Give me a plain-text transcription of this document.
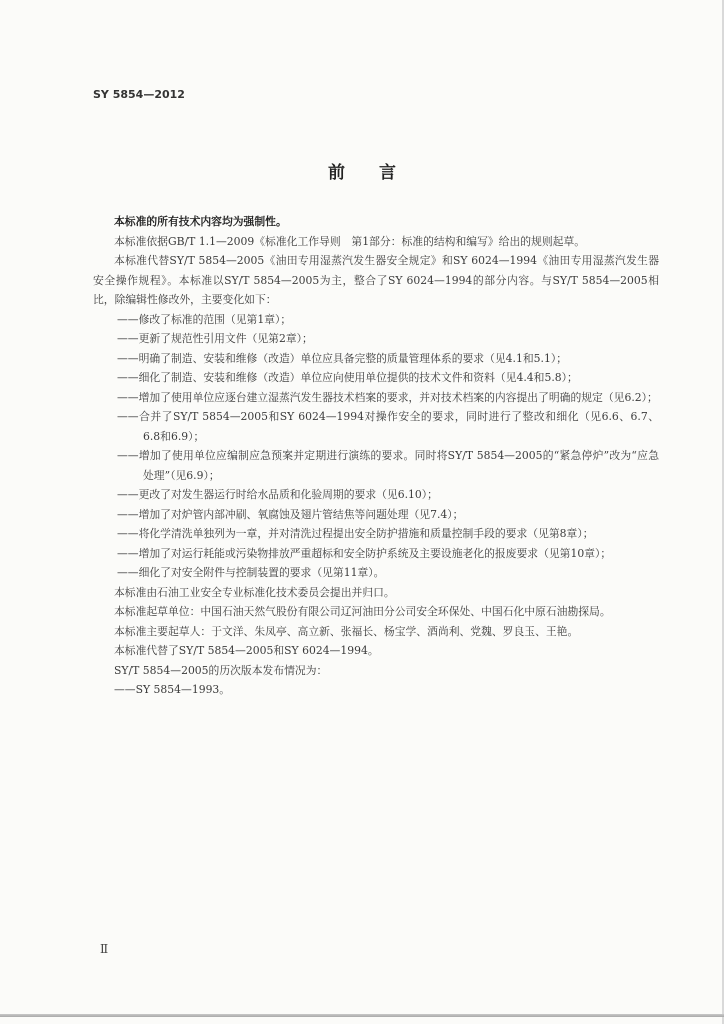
SY 5854—2012
前 言

本标准的所有技术内容均为强制性。

本标准依据GB/T 1.1—2009《标准化工作导则　第1部分：标准的结构和编写》给出的规则起草。

本标准代替SY/T 5854—2005《油田专用湿蒸汽发生器安全规定》和SY 6024—1994《油田专用湿蒸汽发生器安全操作规程》。本标准以SY/T 5854—2005为主，整合了SY 6024—1994的部分内容。与SY/T 5854—2005相比，除编辑性修改外，主要变化如下：

——修改了标准的范围（见第1章）；

——更新了规范性引用文件（见第2章）；

——明确了制造、安装和维修（改造）单位应具备完整的质量管理体系的要求（见4.1和5.1）；

——细化了制造、安装和维修（改造）单位应向使用单位提供的技术文件和资料（见4.4和5.8）；

——增加了使用单位应逐台建立湿蒸汽发生器技术档案的要求，并对技术档案的内容提出了明确的规定（见6.2）；

——合并了SY/T 5854—2005和SY 6024—1994对操作安全的要求，同时进行了整改和细化（见6.6、6.7、6.8和6.9）；

——增加了使用单位应编制应急预案并定期进行演练的要求。同时将SY/T 5854—2005的“紧急停炉”改为“应急处理”（见6.9）；

——更改了对发生器运行时给水品质和化验周期的要求（见6.10）；

——增加了对炉管内部冲刷、氧腐蚀及翅片管结焦等问题处理（见7.4）；

——将化学清洗单独列为一章，并对清洗过程提出安全防护措施和质量控制手段的要求（见第8章）；

——增加了对运行耗能或污染物排放严重超标和安全防护系统及主要设施老化的报废要求（见第10章）；

——细化了对安全附件与控制装置的要求（见第11章）。

本标准由石油工业安全专业标准化技术委员会提出并归口。

本标准起草单位：中国石油天然气股份有限公司辽河油田分公司安全环保处、中国石化中原石油勘探局。

本标准主要起草人：于文洋、朱凤亭、高立新、张福长、杨宝学、酒尚利、党魏、罗良玉、王艳。

本标准代替了SY/T 5854—2005和SY 6024—1994。

SY/T 5854—2005的历次版本发布情况为：

——SY 5854—1993。

Ⅱ
